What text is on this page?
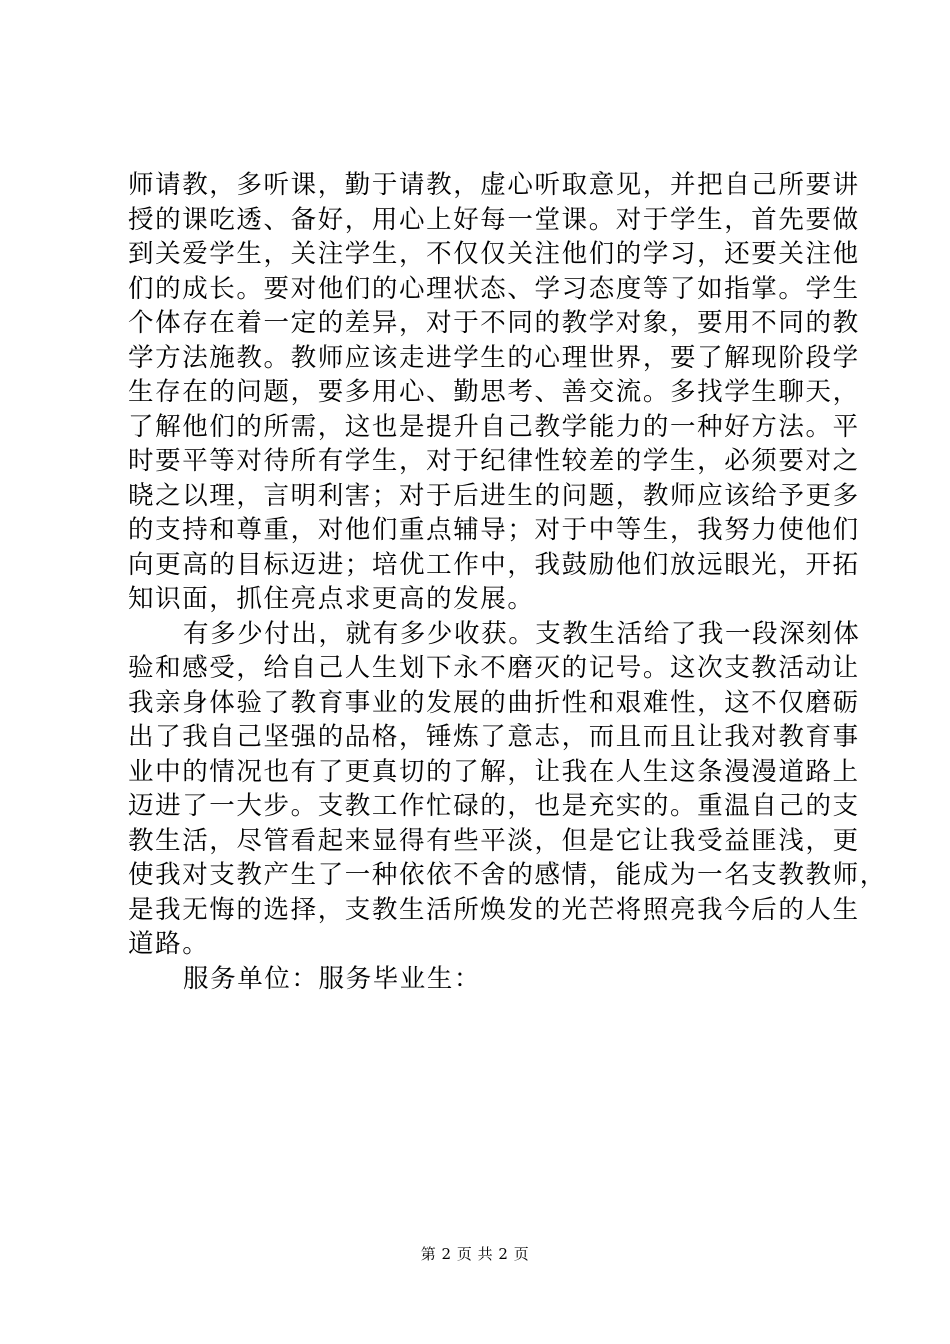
师请教，多听课，勤于请教，虚心听取意见，并把自己所要讲
授的课吃透、备好，用心上好每一堂课。对于学生，首先要做
到关爱学生，关注学生，不仅仅关注他们的学习，还要关注他
们的成长。要对他们的心理状态、学习态度等了如指掌。学生
个体存在着一定的差异，对于不同的教学对象，要用不同的教
学方法施教。教师应该走进学生的心理世界，要了解现阶段学
生存在的问题，要多用心、勤思考、善交流。多找学生聊天，
了解他们的所需，这也是提升自己教学能力的一种好方法。平
时要平等对待所有学生，对于纪律性较差的学生，必须要对之
晓之以理，言明利害；对于后进生的问题，教师应该给予更多
的支持和尊重，对他们重点辅导；对于中等生，我努力使他们
向更高的目标迈进；培优工作中，我鼓励他们放远眼光，开拓
知识面，抓住亮点求更高的发展。
有多少付出，就有多少收获。支教生活给了我一段深刻体
验和感受，给自己人生划下永不磨灭的记号。这次支教活动让
我亲身体验了教育事业的发展的曲折性和艰难性，这不仅磨砺
出了我自己坚强的品格，锤炼了意志，而且而且让我对教育事
业中的情况也有了更真切的了解，让我在人生这条漫漫道路上
迈进了一大步。支教工作忙碌的，也是充实的。重温自己的支
教生活，尽管看起来显得有些平淡，但是它让我受益匪浅，更
使我对支教产生了一种依依不舍的感情，能成为一名支教教师，
是我无悔的选择，支教生活所焕发的光芒将照亮我今后的人生
道路。
服务单位：服务毕业生：
第 2 页 共 2 页
